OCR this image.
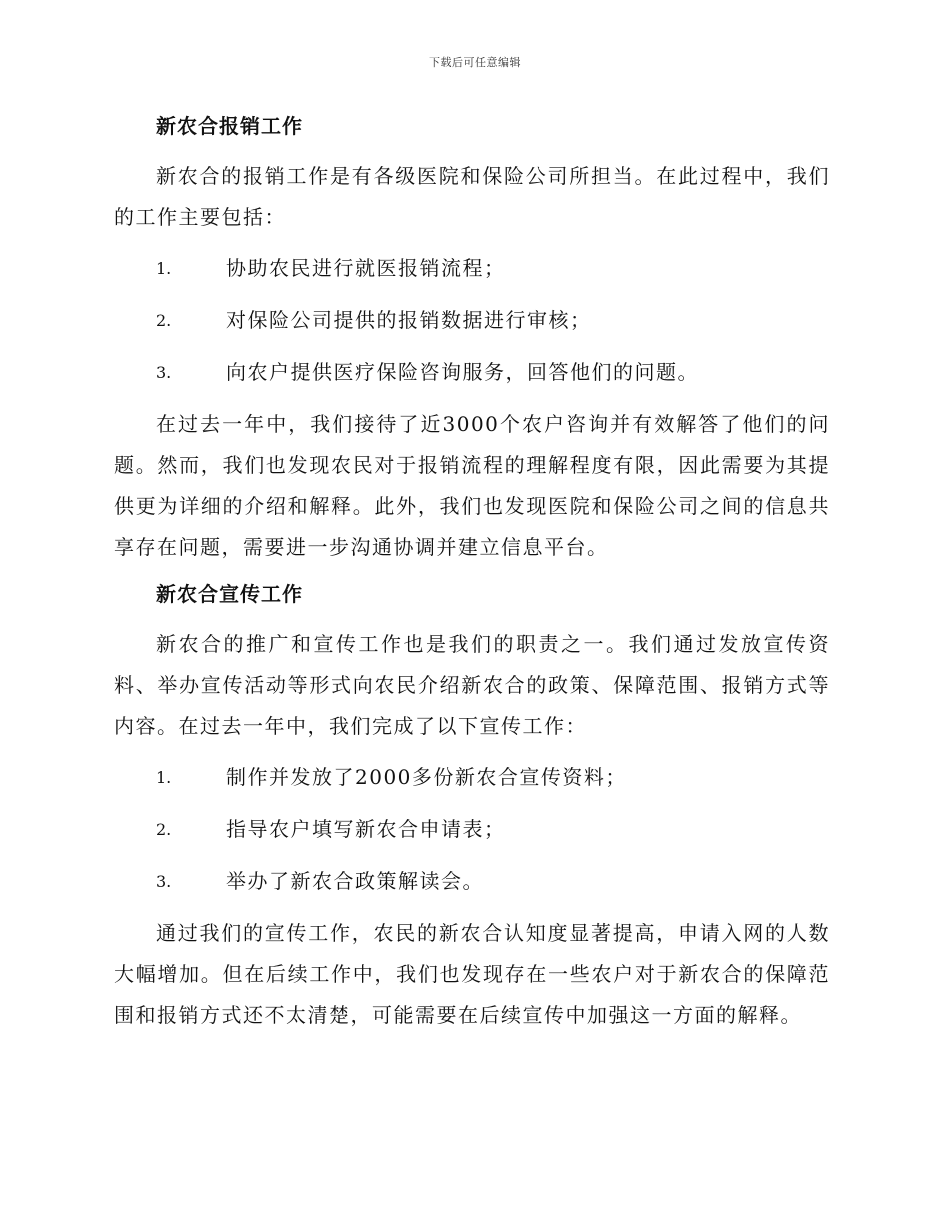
下载后可任意编辑
新农合报销工作

新农合的报销工作是有各级医院和保险公司所担当。在此过程中，我们的工作主要包括：

1.	协助农民进行就医报销流程；
2.	对保险公司提供的报销数据进行审核；
3.	向农户提供医疗保险咨询服务，回答他们的问题。

在过去一年中，我们接待了近3000个农户咨询并有效解答了他们的问题。然而，我们也发现农民对于报销流程的理解程度有限，因此需要为其提供更为详细的介绍和解释。此外，我们也发现医院和保险公司之间的信息共享存在问题，需要进一步沟通协调并建立信息平台。

新农合宣传工作

新农合的推广和宣传工作也是我们的职责之一。我们通过发放宣传资料、举办宣传活动等形式向农民介绍新农合的政策、保障范围、报销方式等内容。在过去一年中，我们完成了以下宣传工作：

1.	制作并发放了2000多份新农合宣传资料；
2.	指导农户填写新农合申请表；
3.	举办了新农合政策解读会。

通过我们的宣传工作，农民的新农合认知度显著提高，申请入网的人数大幅增加。但在后续工作中，我们也发现存在一些农户对于新农合的保障范围和报销方式还不太清楚，可能需要在后续宣传中加强这一方面的解释。
